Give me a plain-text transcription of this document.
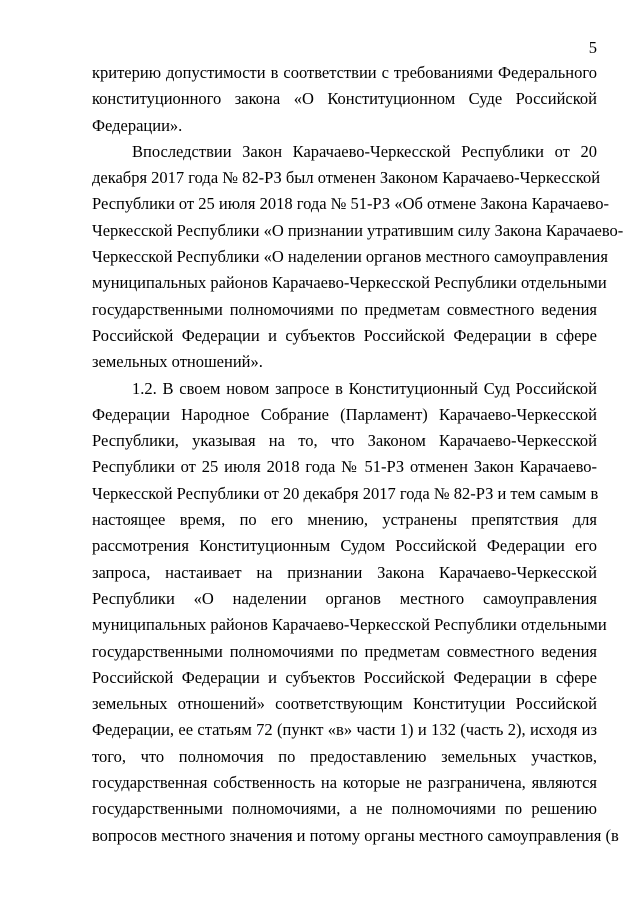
5

критерию допустимости в соответствии с требованиями Федерального
конституционного закона «О Конституционном Суде Российской
Федерации».

Впоследствии Закон Карачаево-Черкесской Республики от 20
декабря 2017 года № 82-РЗ был отменен Законом Карачаево-Черкесской
Республики от 25 июля 2018 года № 51-РЗ «Об отмене Закона Карачаево-
Черкесской Республики «О признании утратившим силу Закона Карачаево-
Черкесской Республики «О наделении органов местного самоуправления
муниципальных районов Карачаево-Черкесской Республики отдельными
государственными полномочиями по предметам совместного ведения
Российской Федерации и субъектов Российской Федерации в сфере
земельных отношений».

1.2. В своем новом запросе в Конституционный Суд Российской
Федерации Народное Собрание (Парламент) Карачаево-Черкесской
Республики, указывая на то, что Законом Карачаево-Черкесской
Республики от 25 июля 2018 года № 51-РЗ отменен Закон Карачаево-
Черкесской Республики от 20 декабря 2017 года № 82-РЗ и тем самым в
настоящее время, по его мнению, устранены препятствия для
рассмотрения Конституционным Судом Российской Федерации его
запроса, настаивает на признании Закона Карачаево-Черкесской
Республики «О наделении органов местного самоуправления
муниципальных районов Карачаево-Черкесской Республики отдельными
государственными полномочиями по предметам совместного ведения
Российской Федерации и субъектов Российской Федерации в сфере
земельных отношений» соответствующим Конституции Российской
Федерации, ее статьям 72 (пункт «в» части 1) и 132 (часть 2), исходя из
того, что полномочия по предоставлению земельных участков,
государственная собственность на которые не разграничена, являются
государственными полномочиями, а не полномочиями по решению
вопросов местного значения и потому органы местного самоуправления (в
